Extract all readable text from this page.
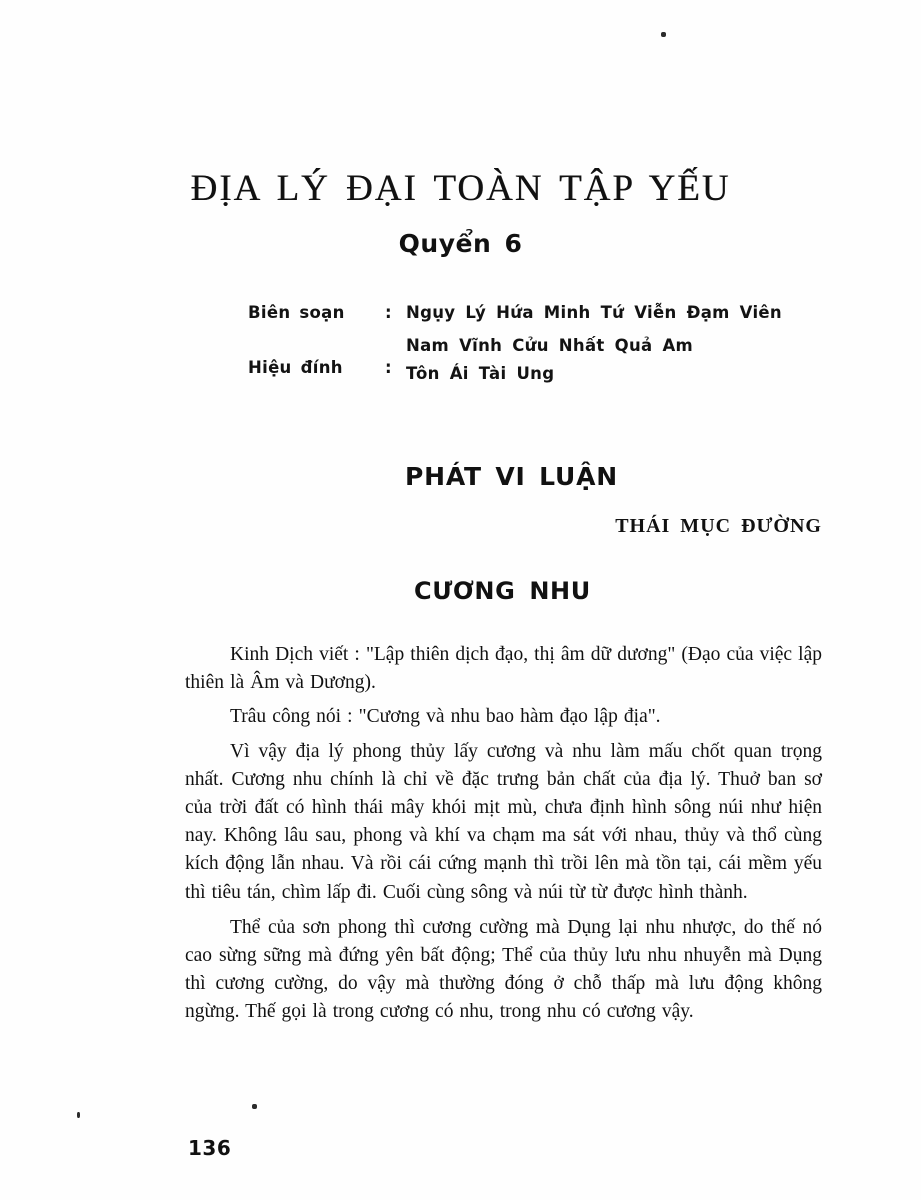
ĐỊA LÝ ĐẠI TOÀN TẬP YẾU
Quyển 6
Biên soạn : Ngụy Lý Hứa Minh Tứ Viễn Đạm Viên
Hiệu đính	:
Nam Vĩnh Cửu Nhất Quả Am
Tôn Ái Tài Ung
PHÁT VI LUẬN
THÁI MỤC ĐƯỜNG
CƯƠNG NHU

Kinh Dịch viết : "Lập thiên dịch đạo, thị âm dữ dương" (Đạo của việc lập thiên là Âm và Dương).

Trâu công nói : "Cương và nhu bao hàm đạo lập địa".

Vì vậy địa lý phong thủy lấy cương và nhu làm mấu chốt quan trọng nhất. Cương nhu chính là chỉ về đặc trưng bản chất của địa lý. Thuở ban sơ của trời đất có hình thái mây khói mịt mù, chưa định hình sông núi như hiện nay. Không lâu sau, phong và khí va chạm ma sát với nhau, thủy và thổ cùng kích động lẫn nhau. Và rồi cái cứng mạnh thì trồi lên mà tồn tại, cái mềm yếu thì tiêu tán, chìm lấp đi. Cuối cùng sông và núi từ từ được hình thành.

Thể của sơn phong thì cương cường mà Dụng lại nhu nhược, do thế nó cao sừng sững mà đứng yên bất động; Thể của thủy lưu nhu nhuyễn mà Dụng thì cương cường, do vậy mà thường đóng ở chỗ thấp mà lưu động không ngừng. Thế gọi là trong cương có nhu, trong nhu có cương vậy.

136
